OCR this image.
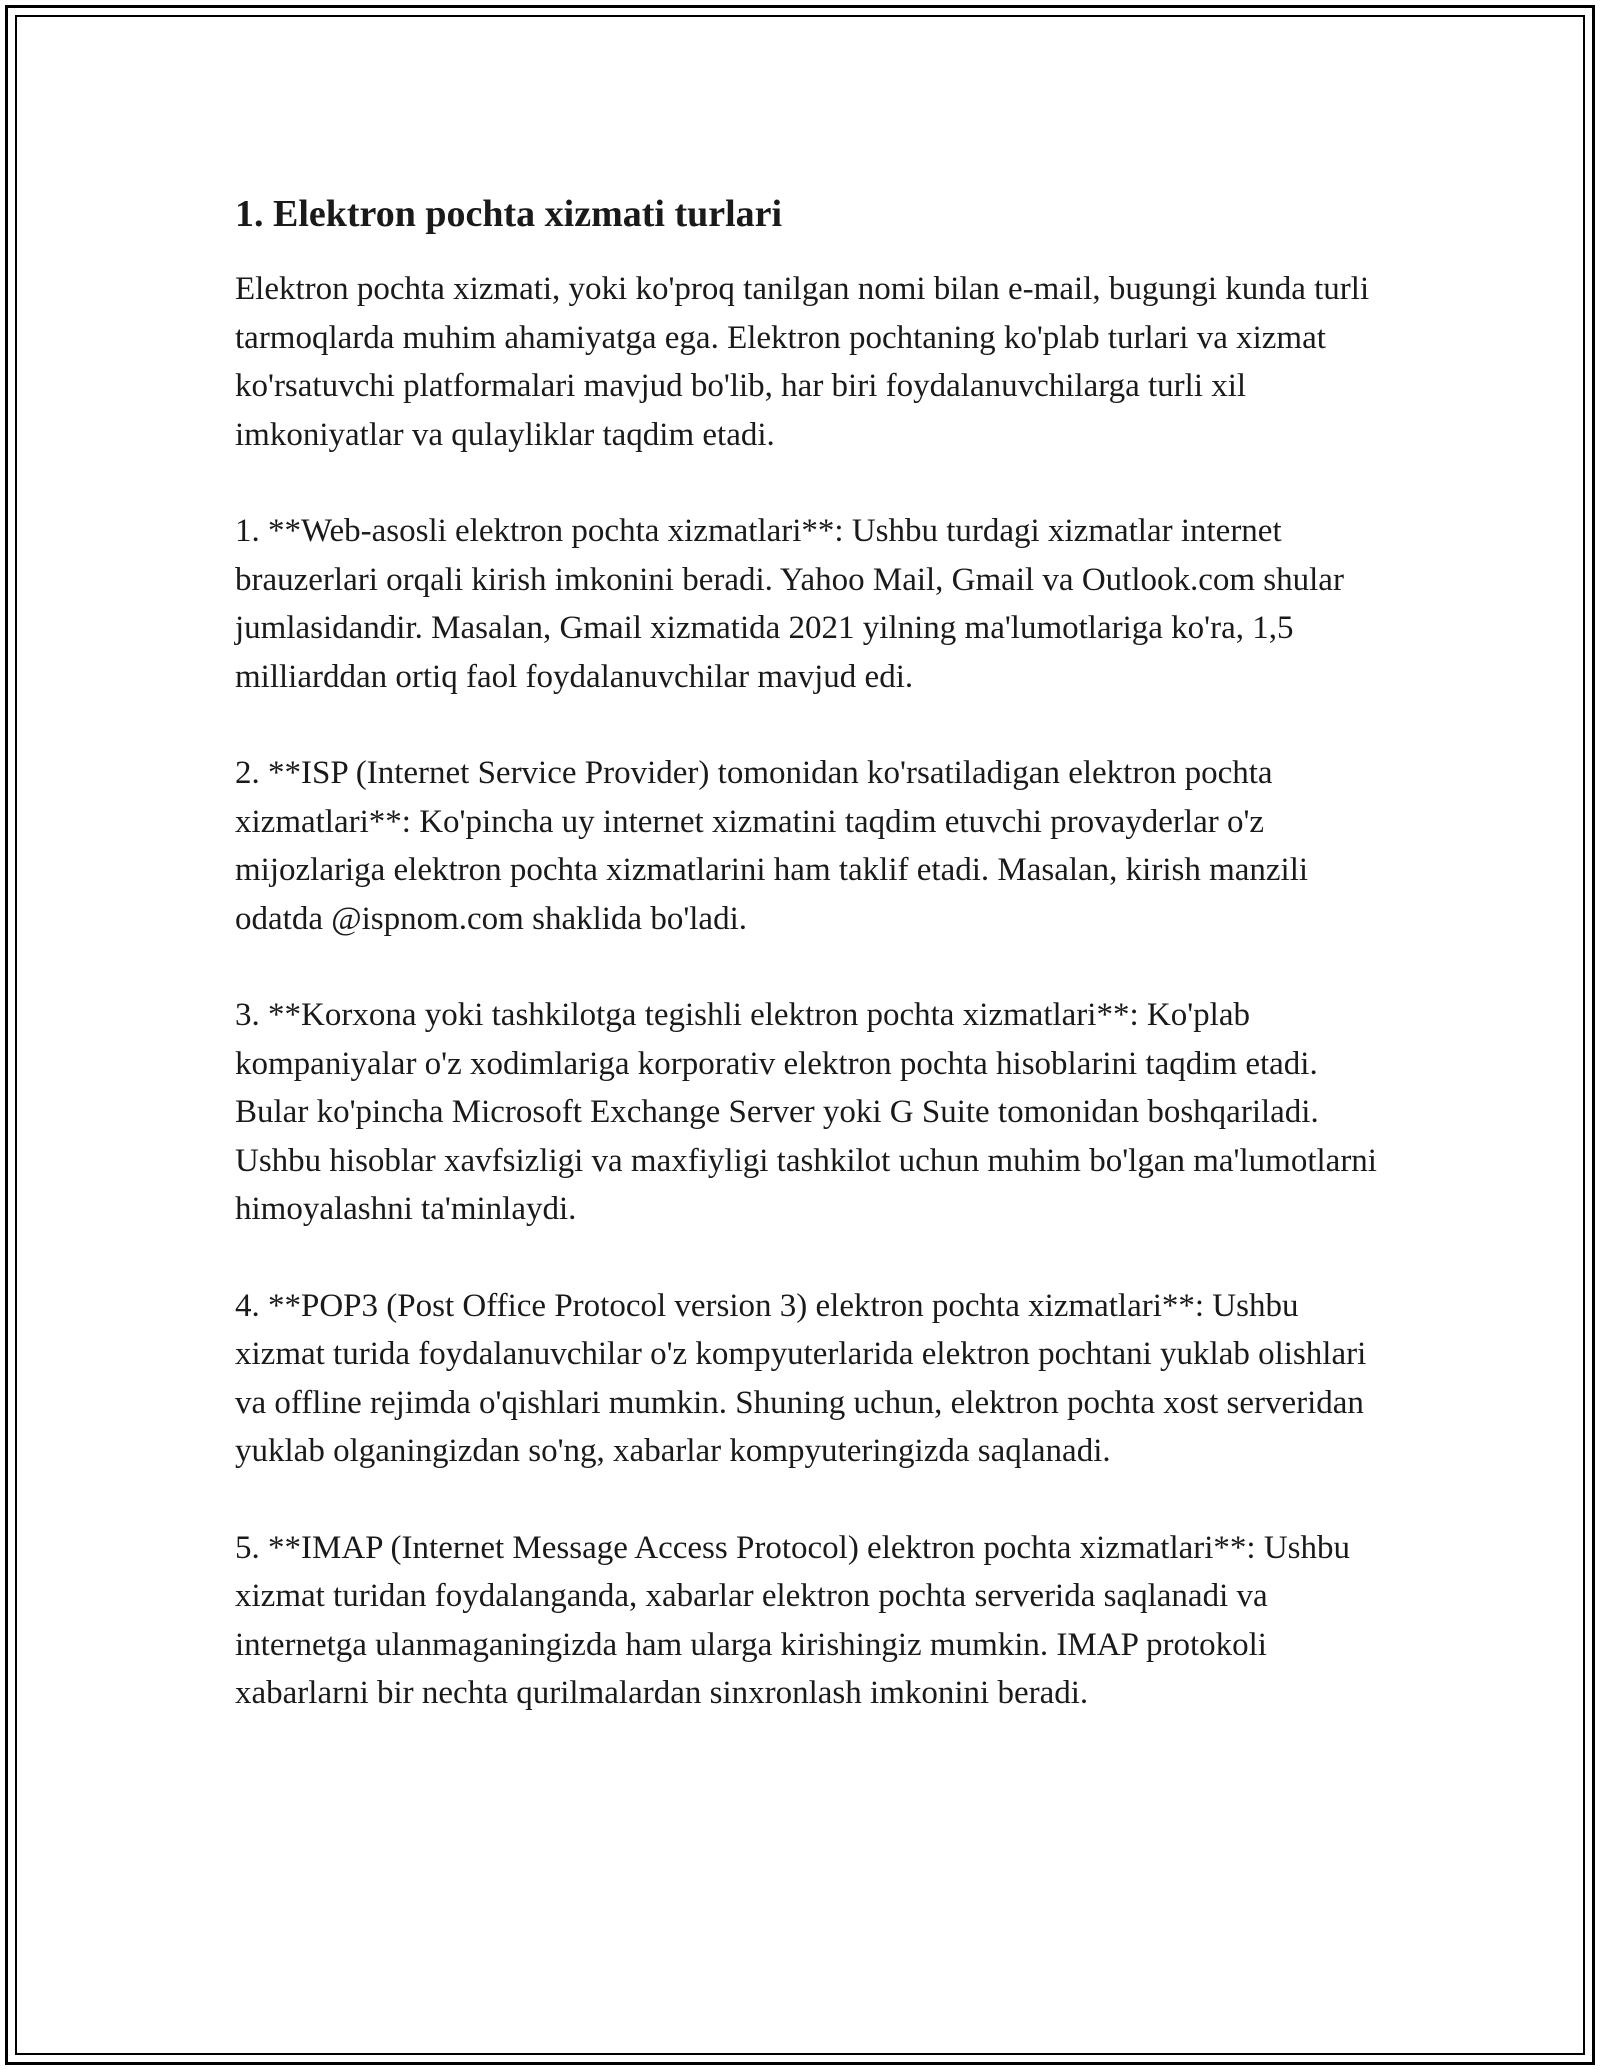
1. Elektron pochta xizmati turlari

Elektron pochta xizmati, yoki ko'proq tanilgan nomi bilan e-mail, bugungi kunda turli tarmoqlarda muhim ahamiyatga ega. Elektron pochtaning ko'plab turlari va xizmat ko'rsatuvchi platformalari mavjud bo'lib, har biri foydalanuvchilarga turli xil imkoniyatlar va qulayliklar taqdim etadi.

1. **Web-asosli elektron pochta xizmatlari**: Ushbu turdagi xizmatlar internet brauzerlari orqali kirish imkonini beradi. Yahoo Mail, Gmail va Outlook.com shular jumlasidandir. Masalan, Gmail xizmatida 2021 yilning ma'lumotlariga ko'ra, 1,5 milliarddan ortiq faol foydalanuvchilar mavjud edi.

2. **ISP (Internet Service Provider) tomonidan ko'rsatiladigan elektron pochta xizmatlari**: Ko'pincha uy internet xizmatini taqdim etuvchi provayderlar o'z mijozlariga elektron pochta xizmatlarini ham taklif etadi. Masalan, kirish manzili odatda @ispnom.com shaklida bo'ladi.

3. **Korxona yoki tashkilotga tegishli elektron pochta xizmatlari**: Ko'plab kompaniyalar o'z xodimlariga korporativ elektron pochta hisoblarini taqdim etadi. Bular ko'pincha Microsoft Exchange Server yoki G Suite tomonidan boshqariladi. Ushbu hisoblar xavfsizligi va maxfiyligi tashkilot uchun muhim bo'lgan ma'lumotlarni himoyalashni ta'minlaydi.

4. **POP3 (Post Office Protocol version 3) elektron pochta xizmatlari**: Ushbu xizmat turida foydalanuvchilar o'z kompyuterlarida elektron pochtani yuklab olishlari va offline rejimda o'qishlari mumkin. Shuning uchun, elektron pochta xost serveridan yuklab olganingizdan so'ng, xabarlar kompyuteringizda saqlanadi.

5. **IMAP (Internet Message Access Protocol) elektron pochta xizmatlari**: Ushbu xizmat turidan foydalanganda, xabarlar elektron pochta serverida saqlanadi va internetga ulanmaganingizda ham ularga kirishingiz mumkin. IMAP protokoli xabarlarni bir nechta qurilmalardan sinxronlash imkonini beradi.
